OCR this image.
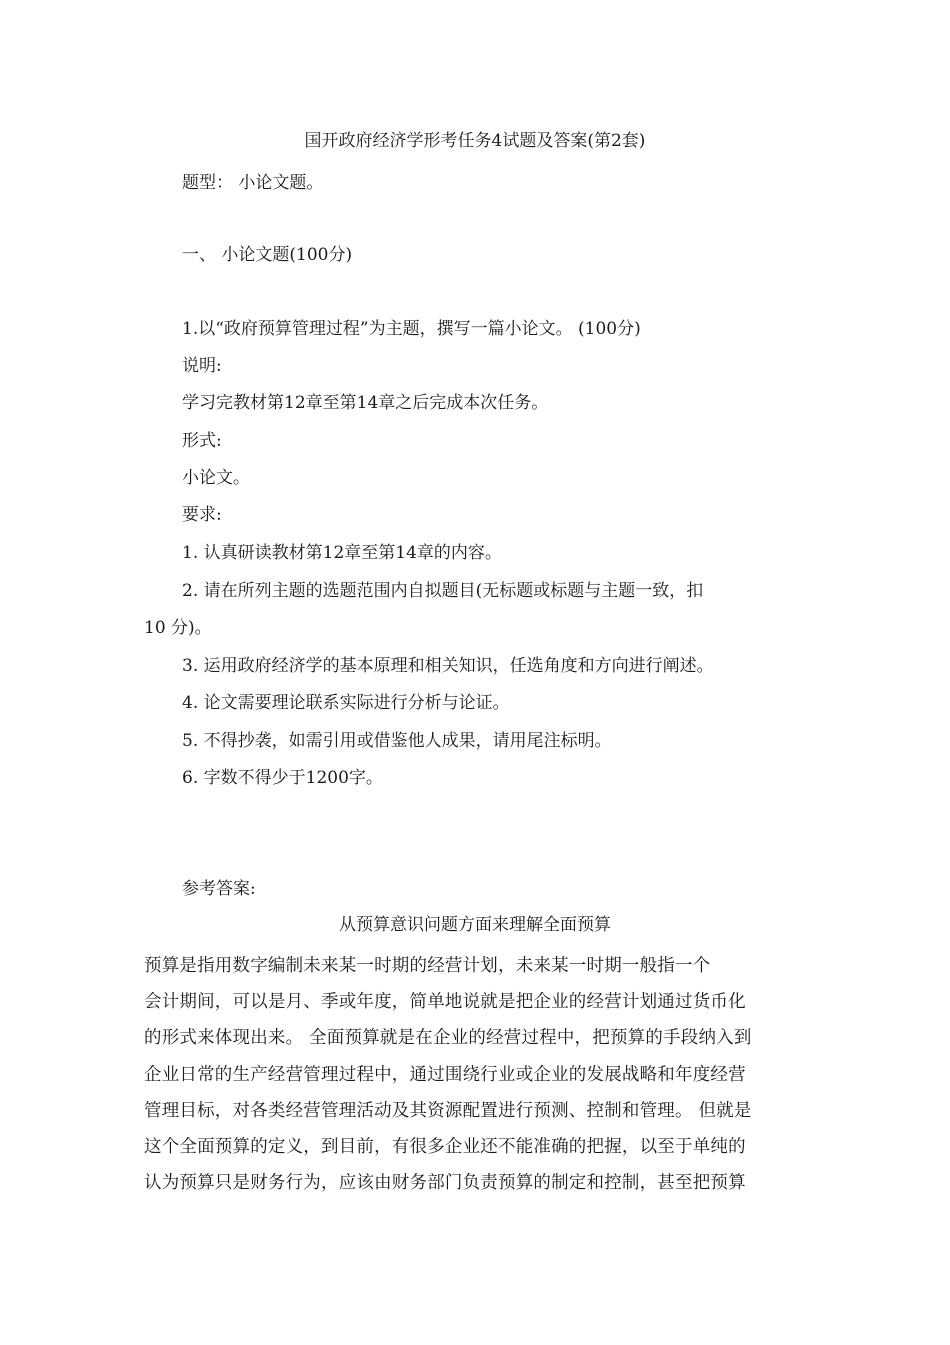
国开政府经济学形考任务4试题及答案(第2套)
题型： 小论文题。
一、 小论文题(100分)
1.以“政府预算管理过程”为主题，撰写一篇小论文。 (100分)
说明:
学习完教材第12章至第14章之后完成本次任务。
形式:
小论文。
要求:
1. 认真研读教材第12章至第14章的内容。
2. 请在所列主题的选题范围内自拟题目(无标题或标题与主题一致，扣
10 分)。
3. 运用政府经济学的基本原理和相关知识，任选角度和方向进行阐述。
4. 论文需要理论联系实际进行分析与论证。
5. 不得抄袭，如需引用或借鉴他人成果，请用尾注标明。
6. 字数不得少于1200字。
参考答案:
从预算意识问题方面来理解全面预算
预算是指用数字编制未来某一时期的经营计划，未来某一时期一般指一个
会计期间，可以是月、季或年度，简单地说就是把企业的经营计划通过货币化
的形式来体现出来。 全面预算就是在企业的经营过程中，把预算的手段纳入到
企业日常的生产经营管理过程中，通过围绕行业或企业的发展战略和年度经营
管理目标，对各类经营管理活动及其资源配置进行预测、控制和管理。 但就是
这个全面预算的定义，到目前，有很多企业还不能准确的把握，以至于单纯的
认为预算只是财务行为，应该由财务部门负责预算的制定和控制，甚至把预算
